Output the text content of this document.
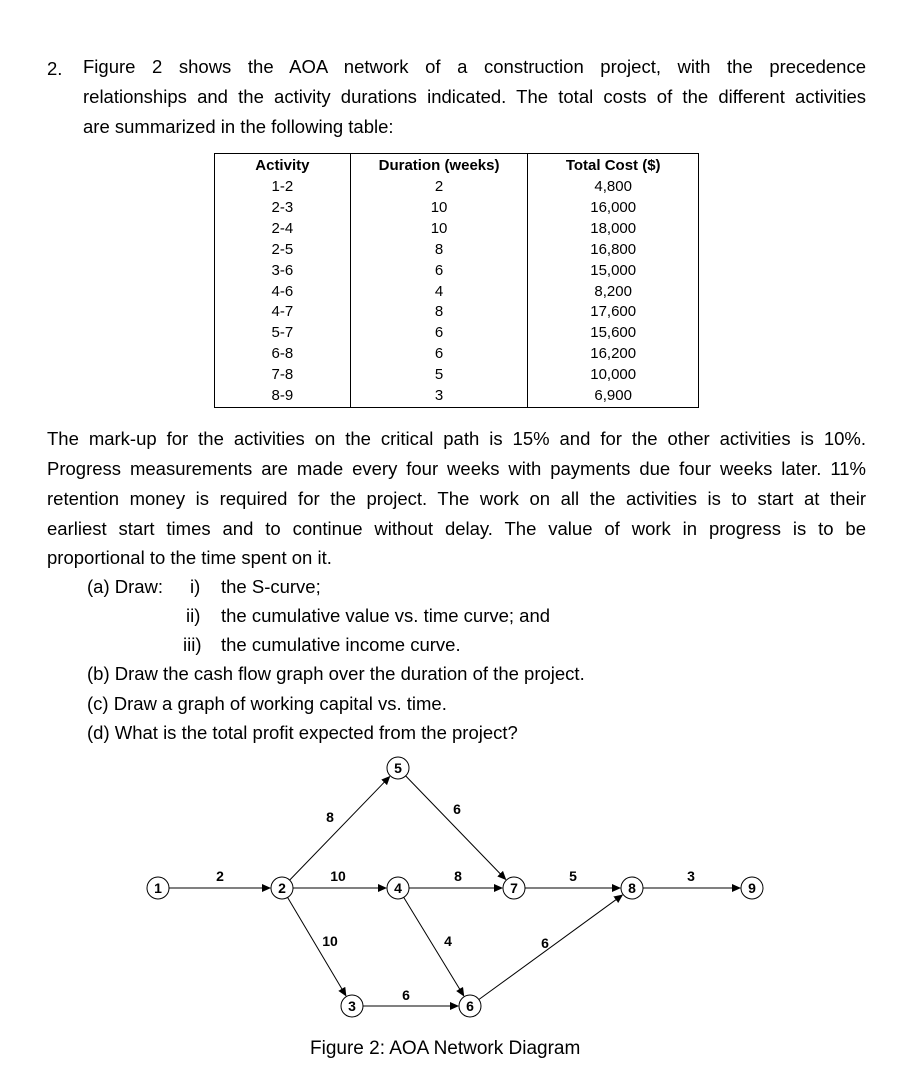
2. Figure 2 shows the AOA network of a construction project, with the precedence
relationships and the activity durations indicated. The total costs of the different activities
are summarized in the following table:
Activity	Duration (weeks)	Total Cost ($)
1-2	2	4,800
2-3	10	16,000
2-4	10	18,000
2-5	8	16,800
3-6	6	15,000
4-6	4	8,200
4-7	8	17,600
5-7	6	15,600
6-8	6	16,200
7-8	5	10,000
8-9	3	6,900
The mark-up for the activities on the critical path is 15% and for the other activities is 10%.
Progress measurements are made every four weeks with payments due four weeks later. 11%
retention money is required for the project. The work on all the activities is to start at their
earliest start times and to continue without delay. The value of work in progress is to be
proportional to the time spent on it.
(a) Draw: i) the S-curve;
ii) the cumulative value vs. time curve; and
iii) the cumulative income curve.
(b) Draw the cash flow graph over the duration of the project.
(c) Draw a graph of working capital vs. time.
(d) What is the total profit expected from the project?
2
10
10
8
6
4
8
6
6
5	3
1	2
3
4
5
6
7	8	9
Figure 2: AOA Network Diagram
